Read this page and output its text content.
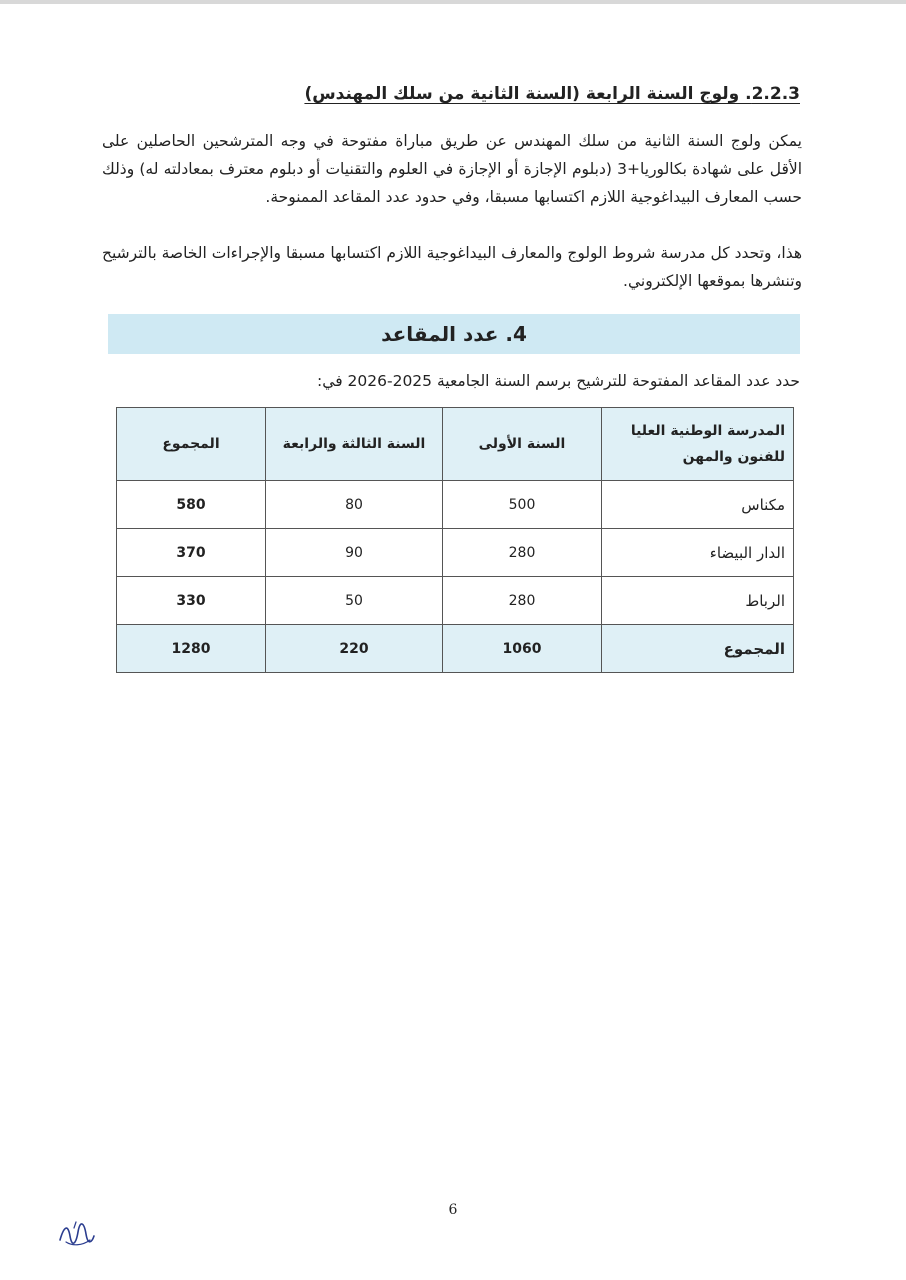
2.2.3. ولوج السنة الرابعة (السنة الثانية من سلك المهندس)
يمكن ولوج السنة الثانية من سلك المهندس عن طريق مباراة مفتوحة في وجه المترشحين الحاصلين على الأقل على شهادة بكالوريا+3 (دبلوم الإجازة أو الإجازة في العلوم والتقنيات أو دبلوم معترف بمعادلته له) وذلك حسب المعارف البيداغوجية اللازم اكتسابها مسبقا، وفي حدود عدد المقاعد الممنوحة.
هذا، وتحدد كل مدرسة شروط الولوج والمعارف البيداغوجية اللازم اكتسابها مسبقا والإجراءات الخاصة بالترشيح وتنشرها بموقعها الإلكتروني.
4. عدد المقاعد
حدد عدد المقاعد المفتوحة للترشيح برسم السنة الجامعية 2025-2026 في:
المدرسة الوطنية العليا للفنون والمهن	السنة الأولى	السنة الثالثة والرابعة	المجموع
مكناس	500	80	580
الدار البيضاء	280	90	370
الرباط	280	50	330
المجموع	1060	220	1280
6
